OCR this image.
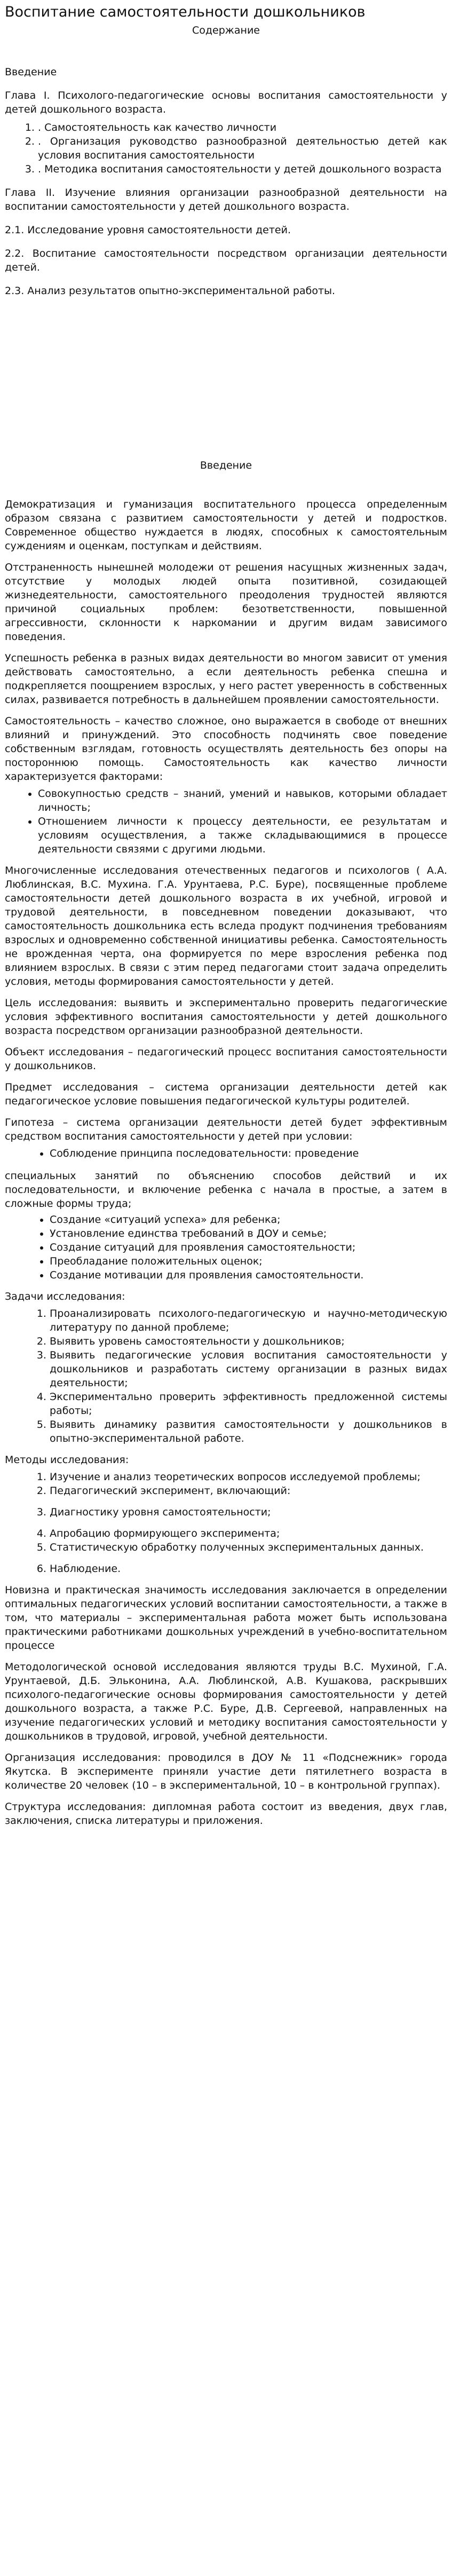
Воспитание самостоятельности дошкольников
Содержание

Введение

Глава I. Психолого-педагогические основы воспитания самостоятельности у детей дошкольного возраста.

1. . Самостоятельность как качество личности
2. . Организация руководство разнообразной деятельностью детей как условия воспитания самостоятельности
3. . Методика воспитания самостоятельности у детей дошкольного возраста

Глава II. Изучение влияния организации разнообразной деятельности на воспитании самостоятельности у детей дошкольного возраста.

2.1. Исследование уровня самостоятельности детей.

2.2. Воспитание самостоятельности посредством организации деятельности детей.

2.3. Анализ результатов опытно-экспериментальной работы.

Введение

Демократизация и гуманизация воспитательного процесса определенным образом связана с развитием самостоятельности у детей и подростков. Современное общество нуждается в людях, способных к самостоятельным суждениям и оценкам, поступкам и действиям.

Отстраненность нынешней молодежи от решения насущных жизненных задач, отсутствие у молодых людей опыта позитивной, созидающей жизнедеятельности, самостоятельного преодоления трудностей являются причиной социальных проблем: безответственности, повышенной агрессивности, склонности к наркомании и другим видам зависимого поведения.

Успешность ребенка в разных видах деятельности во многом зависит от умения действовать самостоятельно, а если деятельность ребенка спешна и подкрепляется поощрением взрослых, у него растет уверенность в собственных силах, развивается потребность в дальнейшем проявлении самостоятельности.

Самостоятельность – качество сложное, оно выражается в свободе от внешних влияний и принуждений. Это способность подчинять свое поведение собственным взглядам, готовность осуществлять деятельность без опоры на постороннюю помощь. Самостоятельность как качество личности характеризуется факторами:

• Совокупностью средств – знаний, умений и навыков, которыми обладает личность;
• Отношением личности к процессу деятельности, ее результатам и условиям осуществления, а также складывающимися в процессе деятельности связями с другими людьми.

Многочисленные исследования отечественных педагогов и психологов ( А.А. Люблинская, В.С. Мухина. Г.А. Урунтаева, Р.С. Буре), посвященные проблеме самостоятельности детей дошкольного возраста в их учебной, игровой и трудовой деятельности, в повседневном поведении доказывают, что самостоятельность дошкольника есть вследа продукт подчинения требованиям взрослых и одновременно собственной инициативы ребенка. Самостоятельность не врожденная черта, она формируется по мере взросления ребенка под влиянием взрослых. В связи с этим перед педагогами стоит задача определить условия, методы формирования самостоятельности у детей.

Цель исследования: выявить и экспериментально проверить педагогические условия эффективного воспитания самостоятельности у детей дошкольного возраста посредством организации разнообразной деятельности.

Объект исследования – педагогический процесс воспитания самостоятельности у дошкольников.

Предмет исследования – система организации деятельности детей как педагогическое условие повышения педагогической культуры родителей.

Гипотеза – система организации деятельности детей будет эффективным средством воспитания самостоятельности у детей при условии:

• Соблюдение принципа последовательности: проведение

специальных занятий по объяснению способов действий и их последовательности, и включение ребенка с начала в простые, а затем в сложные формы труда;

• Создание «ситуаций успеха» для ребенка;
• Установление единства требований в ДОУ и семье;
• Создание ситуаций для проявления самостоятельности;
• Преобладание положительных оценок;
• Создание мотивации для проявления самостоятельности.

Задачи исследования:

1. Проанализировать психолого-педагогическую и научно-методическую литературу по данной проблеме;
2. Выявить уровень самостоятельности у дошкольников;
3. Выявить педагогические условия воспитания самостоятельности у дошкольников и разработать систему организации в разных видах деятельности;
4. Экспериментально проверить эффективность предложенной системы работы;
5. Выявить динамику развития самостоятельности у дошкольников в опытно-экспериментальной работе.

Методы исследования:

1. Изучение и анализ теоретических вопросов исследуемой проблемы;
2. Педагогический эксперимент, включающий:
3. Диагностику уровня самостоятельности;
4. Апробацию формирующего эксперимента;
5. Статистическую обработку полученных экспериментальных данных.
6. Наблюдение.

Новизна и практическая значимость исследования заключается в определении оптимальных педагогических условий воспитании самостоятельности, а также в том, что материалы – экспериментальная работа может быть использована практическими работниками дошкольных учреждений в учебно-воспитательном процессе

Методологической основой исследования являются труды В.С. Мухиной, Г.А. Урунтаевой, Д.Б. Эльконина, А.А. Люблинской, А.В. Кушакова, раскрывших психолого-педагогические основы формирования самостоятельности у детей дошкольного возраста, а также Р.С. Буре, Д.В. Сергеевой, направленных на изучение педагогических условий и методику воспитания самостоятельности у дошкольников в трудовой, игровой, учебной деятельности.

Организация исследования: проводился в ДОУ № 11 «Подснежник» города Якутска. В эксперименте приняли участие дети пятилетнего возраста в количестве 20 человек (10 – в экспериментальной, 10 – в контрольной группах).

Структура исследования: дипломная работа состоит из введения, двух глав, заключения, списка литературы и приложения.
